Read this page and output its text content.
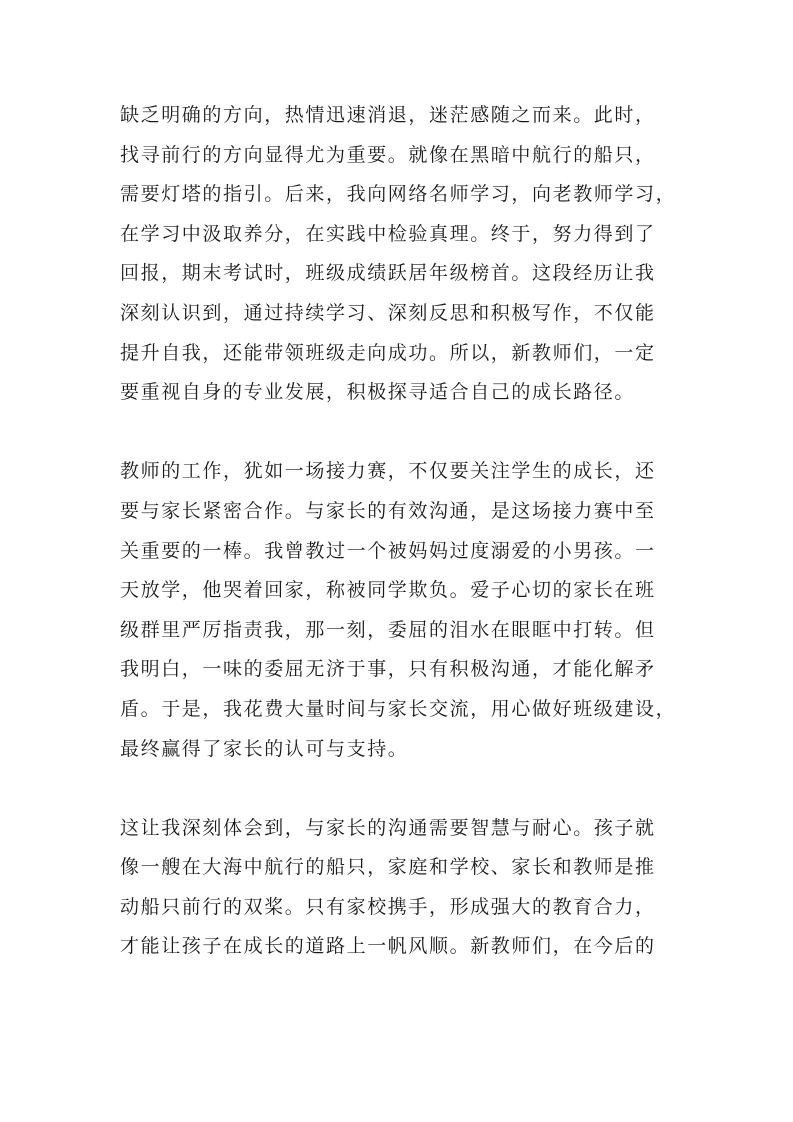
缺乏明确的方向，热情迅速消退，迷茫感随之而来。此时，
找寻前行的方向显得尤为重要。就像在黑暗中航行的船只，
需要灯塔的指引。后来，我向网络名师学习，向老教师学习，
在学习中汲取养分，在实践中检验真理。终于，努力得到了
回报，期末考试时，班级成绩跃居年级榜首。这段经历让我
深刻认识到，通过持续学习、深刻反思和积极写作，不仅能
提升自我，还能带领班级走向成功。所以，新教师们，一定
要重视自身的专业发展，积极探寻适合自己的成长路径。

教师的工作，犹如一场接力赛，不仅要关注学生的成长，还
要与家长紧密合作。与家长的有效沟通，是这场接力赛中至
关重要的一棒。我曾教过一个被妈妈过度溺爱的小男孩。一
天放学，他哭着回家，称被同学欺负。爱子心切的家长在班
级群里严厉指责我，那一刻，委屈的泪水在眼眶中打转。但
我明白，一味的委屈无济于事，只有积极沟通，才能化解矛
盾。于是，我花费大量时间与家长交流，用心做好班级建设，
最终赢得了家长的认可与支持。

这让我深刻体会到，与家长的沟通需要智慧与耐心。孩子就
像一艘在大海中航行的船只，家庭和学校、家长和教师是推
动船只前行的双桨。只有家校携手，形成强大的教育合力，
才能让孩子在成长的道路上一帆风顺。新教师们，在今后的
